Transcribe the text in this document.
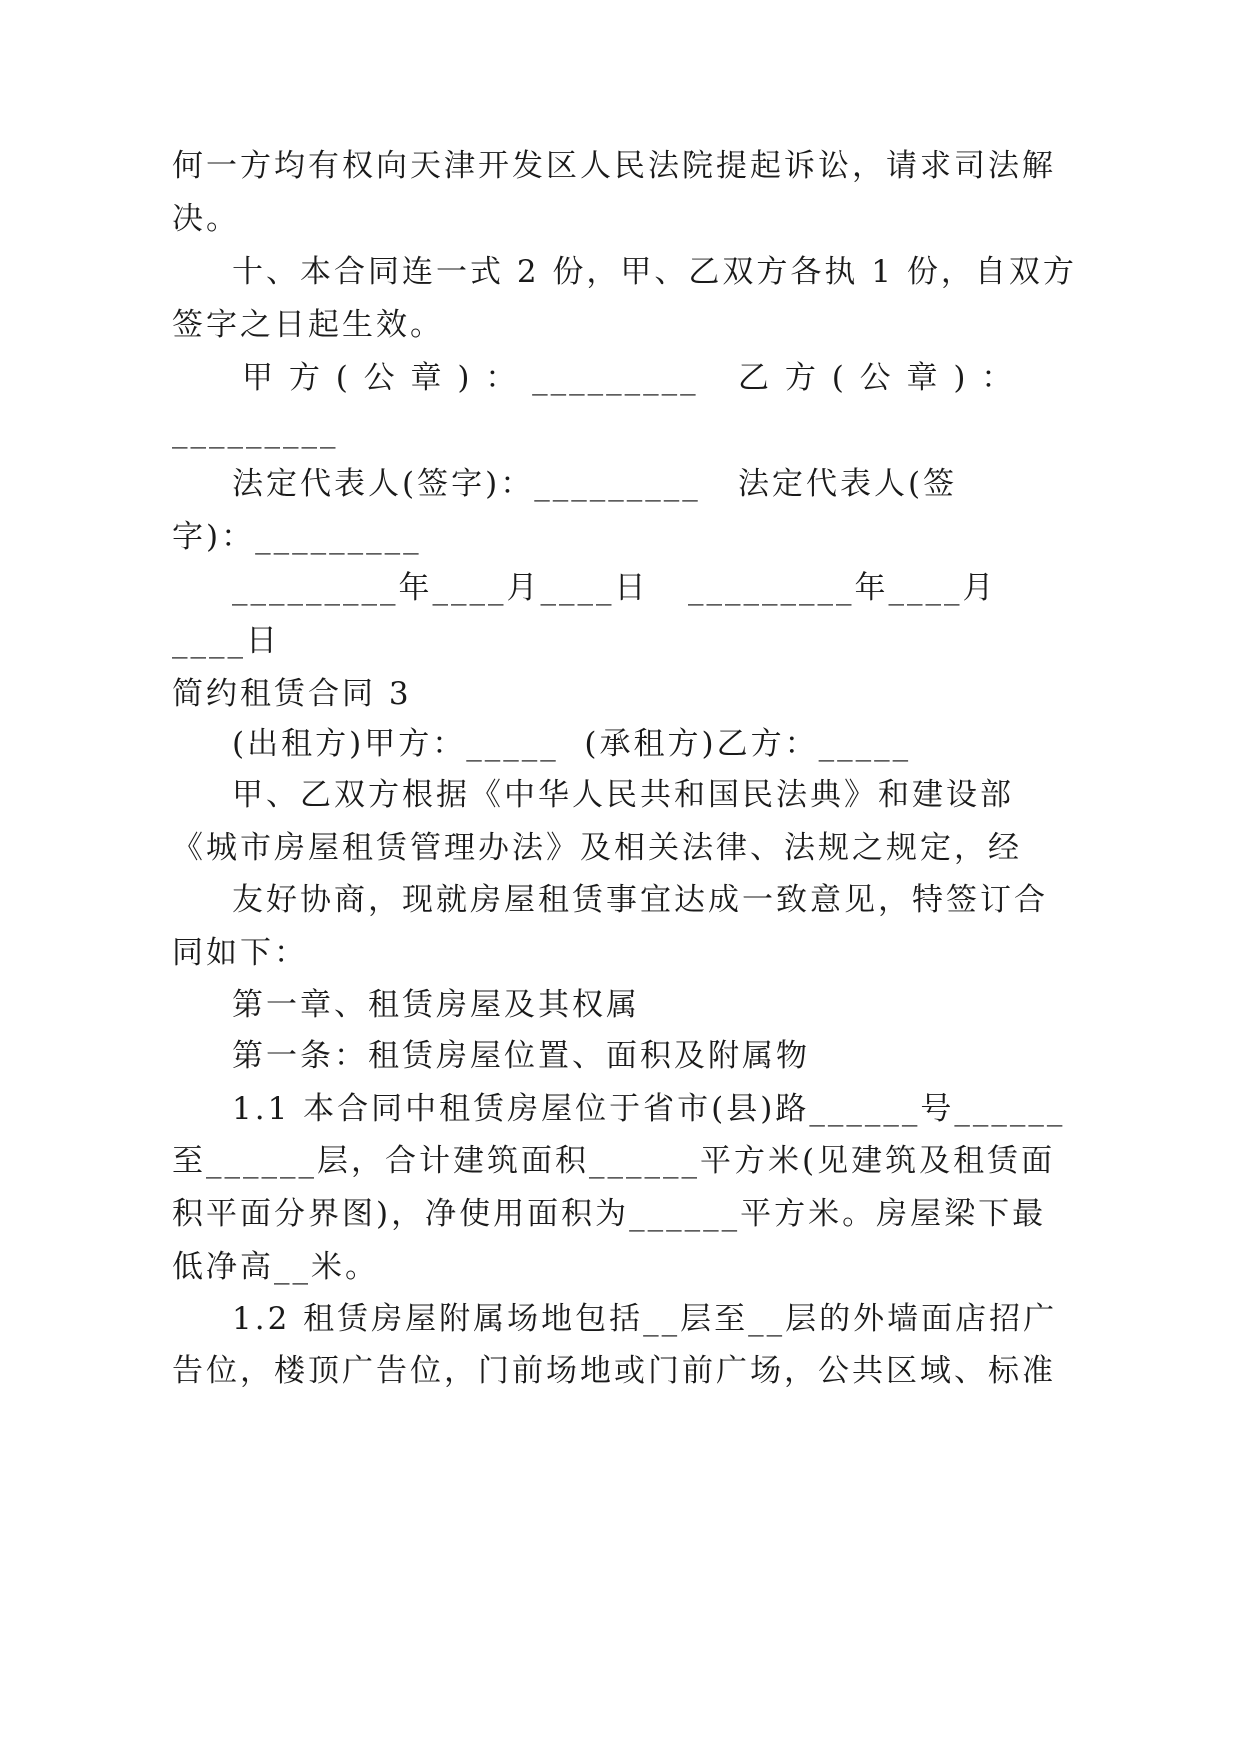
何一方均有权向天津开发区人民法院提起诉讼，请求司法解
决。
十、本合同连一式 2 份，甲、乙双方各执 1 份，自双方
签字之日起生效。
甲 方 ( 公 章 ) ： _________ 乙 方 ( 公 章 ) ：
_________
法定代表人(签字)：_________ 法定代表人(签
字)：_________
_________年____月____日 _________年____月
____日
简约租赁合同 3
(出租方)甲方：_____  (承租方)乙方：_____
甲、乙双方根据《中华人民共和国民法典》和建设部
《城市房屋租赁管理办法》及相关法律、法规之规定，经
友好协商，现就房屋租赁事宜达成一致意见，特签订合
同如下：
第一章、租赁房屋及其权属
第一条：租赁房屋位置、面积及附属物
1.1 本合同中租赁房屋位于省市(县)路______号______
至______层，合计建筑面积______平方米(见建筑及租赁面
积平面分界图)，净使用面积为______平方米。房屋梁下最
低净高__米。
1.2 租赁房屋附属场地包括__层至__层的外墙面店招广
告位，楼顶广告位，门前场地或门前广场，公共区域、标准
